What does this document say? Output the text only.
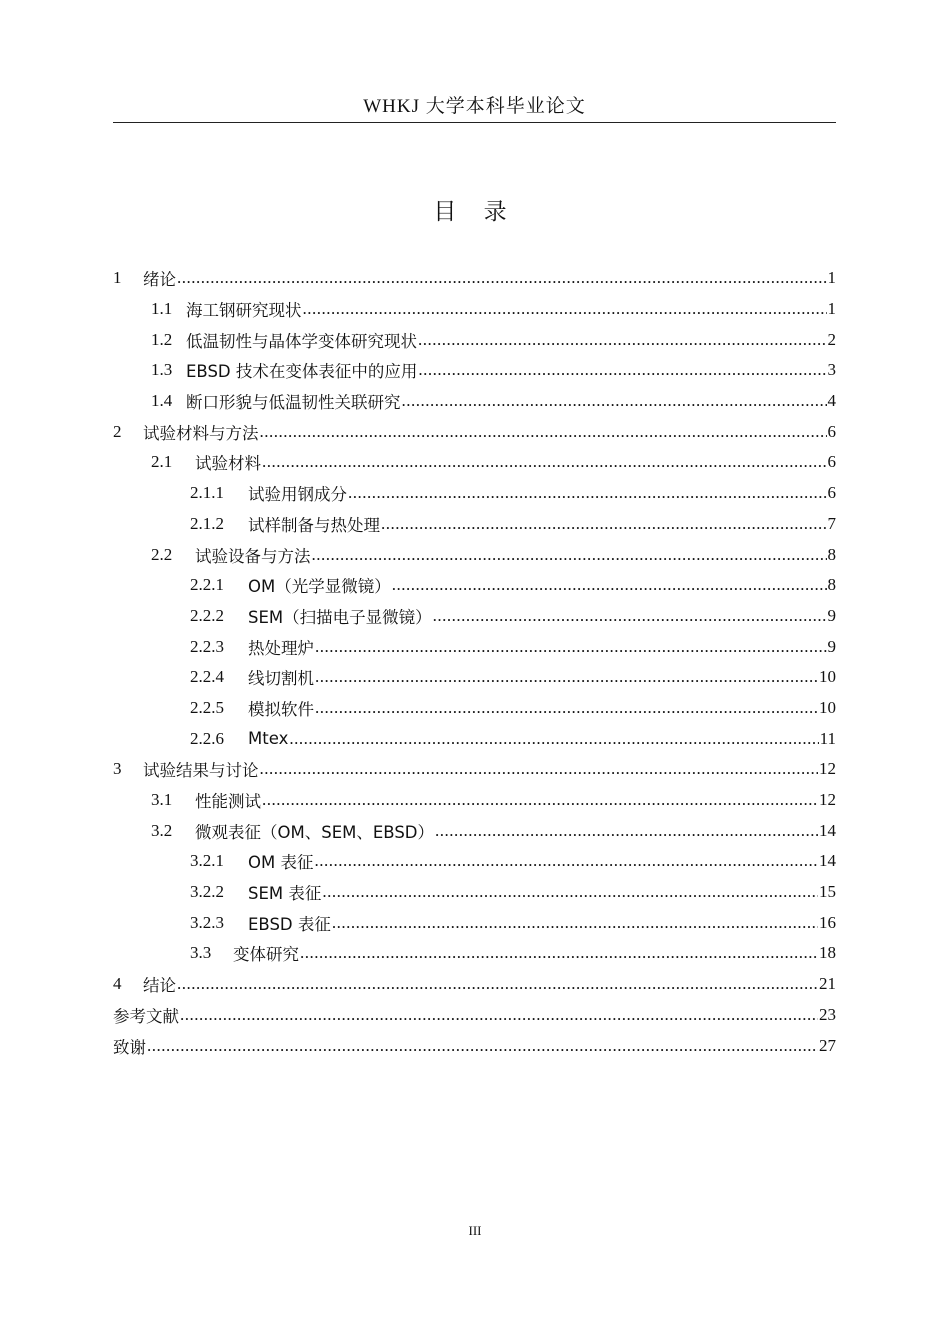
WHKJ 大学本科毕业论文
目 录
1	绪论 .....	1
1.1 海工钢研究现状 .....	1
1.2 低温韧性与晶体学变体研究现状 .....	2
1.3 EBSD 技术在变体表征中的应用 .....	3
1.4 断口形貌与低温韧性关联研究 .....	4
2	试验材料与方法 .....	6
2.1	试验材料 .....	6
2.1.1	试验用钢成分 .....	6
2.1.2	试样制备与热处理 .....	7
2.2	试验设备与方法 .....	8
2.2.1	OM（光学显微镜） .....	8
2.2.2	SEM（扫描电子显微镜） .....	9
2.2.3	热处理炉 .....	9
2.2.4	线切割机 .....	10
2.2.5	模拟软件 .....	10
2.2.6	Mtex .....	11
3	试验结果与讨论 .....	12
3.1	性能测试 .....	12
3.2	微观表征（OM、SEM、EBSD） .....	14
3.2.1	OM 表征 .....	14
3.2.2	SEM 表征 .....	15
3.2.3	EBSD 表征 .....	16
3.3	变体研究 .....	18
4	结论 .....	21
参考文献 .....	23
致谢 .....	27
III
